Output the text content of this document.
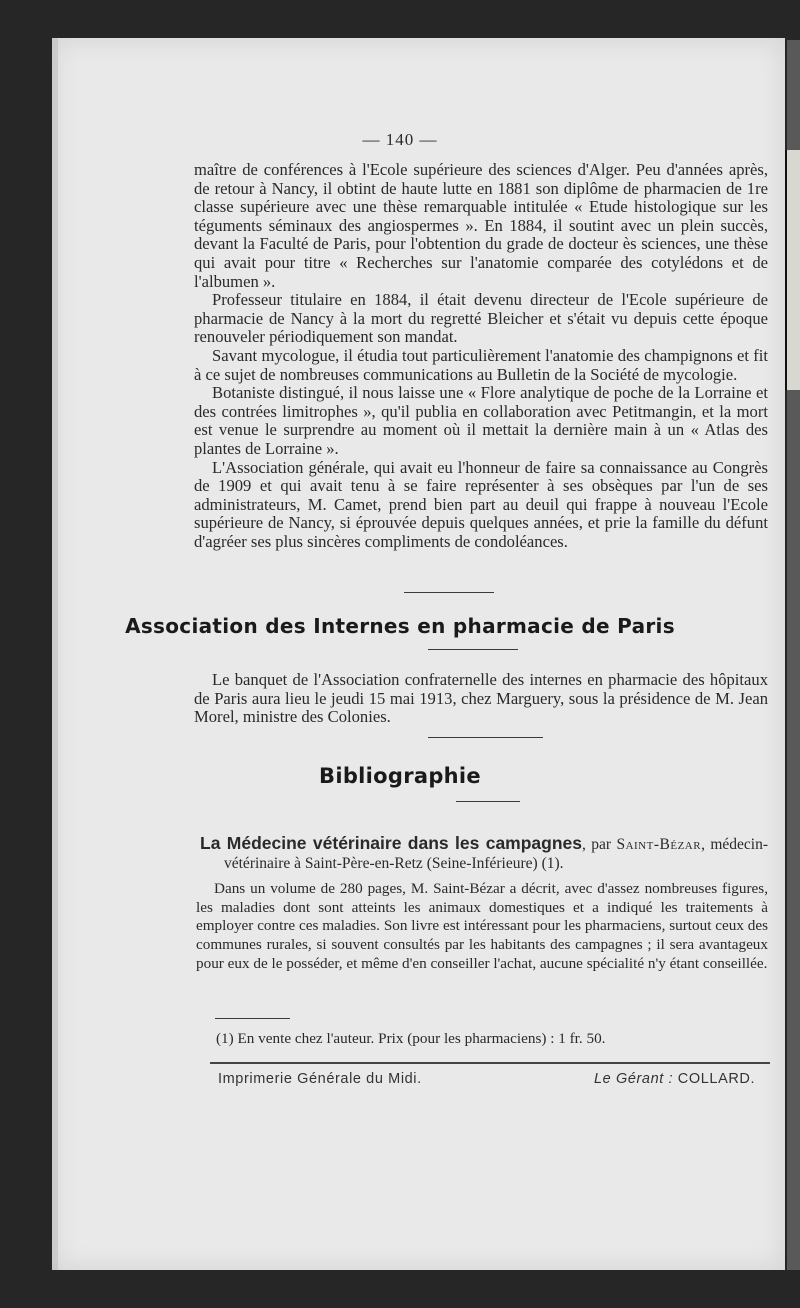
— 140 —

maître de conférences à l'Ecole supérieure des sciences d'Alger. Peu d'années après, de retour à Nancy, il obtint de haute lutte en 1881 son diplôme de pharmacien de 1re classe supérieure avec une thèse remarquable intitulée « Etude histologique sur les téguments séminaux des angiospermes ». En 1884, il soutint avec un plein succès, devant la Faculté de Paris, pour l'obtention du grade de docteur ès sciences, une thèse qui avait pour titre « Recherches sur l'anatomie comparée des cotylédons et de l'albumen ».

Professeur titulaire en 1884, il était devenu directeur de l'Ecole supérieure de pharmacie de Nancy à la mort du regretté Bleicher et s'était vu depuis cette époque renouveler périodiquement son mandat.

Savant mycologue, il étudia tout particulièrement l'anatomie des champignons et fit à ce sujet de nombreuses communications au Bulletin de la Société de mycologie.

Botaniste distingué, il nous laisse une « Flore analytique de poche de la Lorraine et des contrées limitrophes », qu'il publia en collaboration avec Petitmangin, et la mort est venue le surprendre au moment où il mettait la dernière main à un « Atlas des plantes de Lorraine ».

L'Association générale, qui avait eu l'honneur de faire sa connaissance au Congrès de 1909 et qui avait tenu à se faire représenter à ses obsèques par l'un de ses administrateurs, M. Camet, prend bien part au deuil qui frappe à nouveau l'Ecole supérieure de Nancy, si éprouvée depuis quelques années, et prie la famille du défunt d'agréer ses plus sincères compliments de condoléances.

Association des Internes en pharmacie de Paris
Le banquet de l'Association confraternelle des internes en pharmacie des hôpitaux de Paris aura lieu le jeudi 15 mai 1913, chez Marguery, sous la présidence de M. Jean Morel, ministre des Colonies.
Bibliographie
La Médecine vétérinaire dans les campagnes, par Saint-Bézar, médecin-vétérinaire à Saint-Père-en-Retz (Seine-Inférieure) (1).
Dans un volume de 280 pages, M. Saint-Bézar a décrit, avec d'assez nombreuses figures, les maladies dont sont atteints les animaux domestiques et a indiqué les traitements à employer contre ces maladies. Son livre est intéressant pour les pharmaciens, surtout ceux des communes rurales, si souvent consultés par les habitants des campagnes ; il sera avantageux pour eux de le posséder, et même d'en conseiller l'achat, aucune spécialité n'y étant conseillée.
(1) En vente chez l'auteur. Prix (pour les pharmaciens) : 1 fr. 50.
Imprimerie Générale du Midi.	Le Gérant : COLLARD.
